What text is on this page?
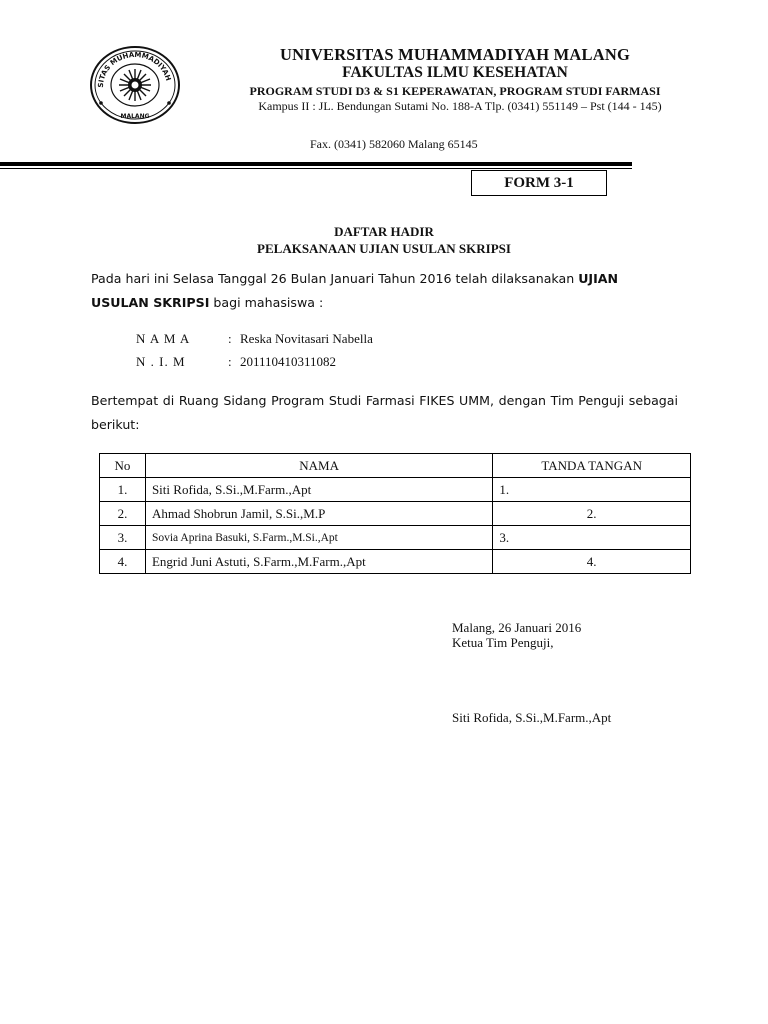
SITAS MUHAMMADIYAH
MALANG
UNIVERSITAS MUHAMMADIYAH MALANG
FAKULTAS ILMU KESEHATAN
PROGRAM STUDI D3 & S1 KEPERAWATAN, PROGRAM STUDI FARMASI
Kampus II : JL. Bendungan Sutami No. 188-A Tlp. (0341) 551149 – Pst (144 - 145)
Fax. (0341) 582060 Malang 65145
FORM 3-1
DAFTAR HADIR
PELAKSANAAN UJIAN USULAN SKRIPSI
Pada hari ini Selasa Tanggal 26 Bulan Januari Tahun 2016 telah dilaksanakan UJIAN USULAN SKRIPSI bagi mahasiswa :
N A M A	: Reska Novitasari Nabella
N . I. M	: 201110410311082
Bertempat di Ruang Sidang Program Studi Farmasi FIKES UMM, dengan Tim Penguji sebagai berikut:
No	NAMA	TANDA TANGAN
1.	Siti Rofida, S.Si.,M.Farm.,Apt	1.
2.	Ahmad Shobrun Jamil, S.Si.,M.P	2.
3.	Sovia Aprina Basuki, S.Farm.,M.Si.,Apt	3.
4.	Engrid Juni Astuti, S.Farm.,M.Farm.,Apt	4.
Malang, 26 Januari 2016
Ketua Tim Penguji,
Siti Rofida, S.Si.,M.Farm.,Apt
